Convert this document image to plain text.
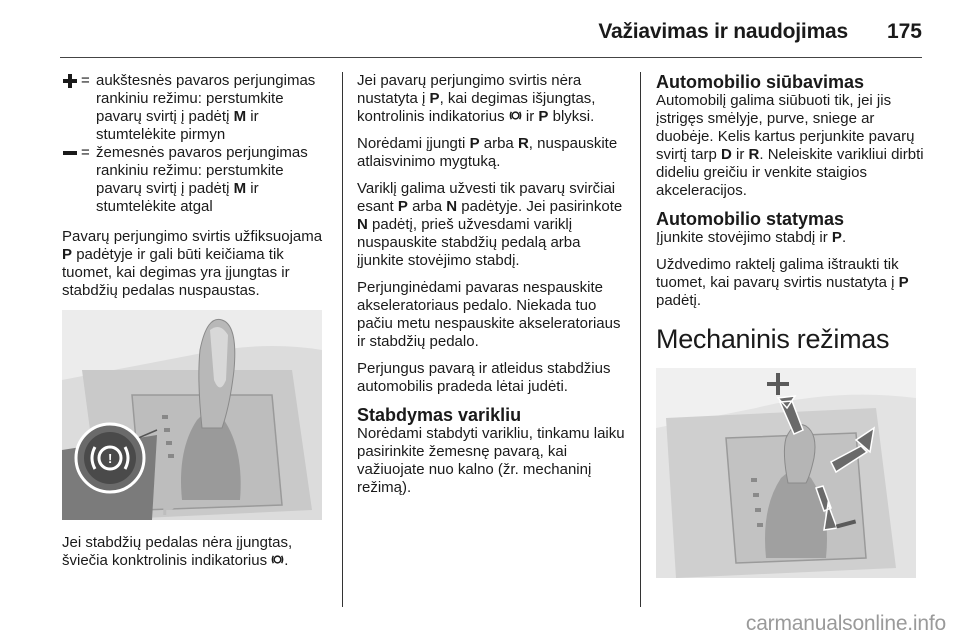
Važiavimas ir naudojimas 175
= aukštesnės pavaros perjungimas rankiniu režimu: perstumkite pavarų svirtį į padėtį M ir stumtelėkite pirmyn
= žemesnės pavaros perjungimas rankiniu režimu: perstumkite pavarų svirtį į padėtį M ir stumtelėkite atgal

Pavarų perjungimo svirtis užfiksuojama P padėtyje ir gali būti keičiama tik tuomet, kai degimas yra įjungtas ir stabdžių pedalas nuspaustas.

!
P

Jei stabdžių pedalas nėra įjungtas, šviečia konktrolinis indikatorius .

Jei pavarų perjungimo svirtis nėra nustatyta į P, kai degimas išjungtas, kontrolinis indikatorius ir P blyksi.

Norėdami įjungti P arba R, nuspauskite atlaisvinimo mygtuką.

Variklį galima užvesti tik pavarų svirčiai esant P arba N padėtyje. Jei pasirinkote N padėtį, prieš užvesdami variklį nuspauskite stabdžių pedalą arba įjunkite stovėjimo stabdį.

Perjunginėdami pavaras nespauskite akseleratoriaus pedalo. Niekada tuo pačiu metu nespauskite akseleratoriaus ir stabdžių pedalo.

Perjungus pavarą ir atleidus stabdžius automobilis pradeda lėtai judėti.

Stabdymas varikliu

Norėdami stabdyti varikliu, tinkamu laiku pasirinkite žemesnę pavarą, kai važiuojate nuo kalno (žr. mechaninį režimą).

Automobilio siūbavimas

Automobilį galima siūbuoti tik, jei jis įstrigęs smėlyje, purve, sniege ar duobėje. Kelis kartus perjunkite pavarų svirtį tarp D ir R. Neleiskite varikliui dirbti dideliu greičiu ir venkite staigios akceleracijos.

Automobilio statymas

Įjunkite stovėjimo stabdį ir P.

Uždvedimo raktelį galima ištraukti tik tuomet, kai pavarų svirtis nustatyta į P padėtį.

Mechaninis režimas
carmanualsonline.info
